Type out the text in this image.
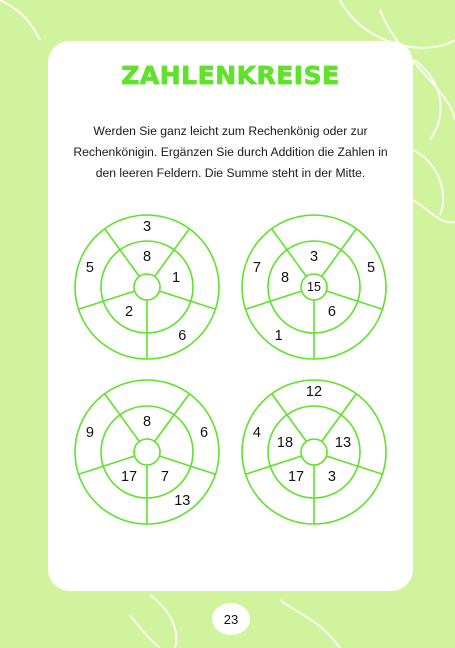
ZAHLENKREISE
Werden Sie ganz leicht zum Rechenkönig oder zur Rechenkönigin. Ergänzen Sie durch Addition die Zahlen in den leeren Feldern. Die Summe steht in der Mitte.
8
3
1
6
2
5
3
5
6
1
8
7
15
8
6
7
13
17
9
12
13
3
17
18
4
23
